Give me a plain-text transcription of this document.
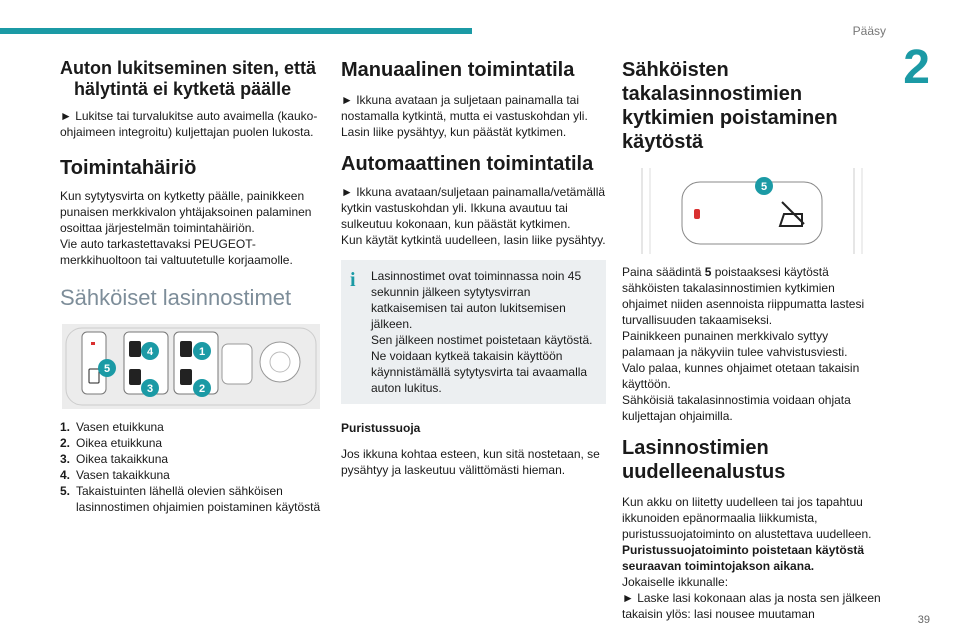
Pääsy
2
39
Auton lukitseminen siten, että hälytintä ei kytketä päälle

► Lukitse tai turvalukitse auto avaimella (kauko-ohjaimeen integroitu) kuljettajan puolen lukosta.

Toimintahäiriö

Kun sytytysvirta on kytketty päälle, painikkeen punaisen merkkivalon yhtäjaksoinen palaminen osoittaa järjestelmän toimintahäiriön.

Vie auto tarkastettavaksi PEUGEOT-merkkihuoltoon tai valtuutetulle korjaamolle.

Sähköiset lasinnostimet
5
4
3
1
2
1. Vasen etuikkuna
2. Oikea etuikkuna
3. Oikea takaikkuna
4. Vasen takaikkuna
5. Takaistuinten lähellä olevien sähköisen lasinnostimen ohjaimien poistaminen käytöstä
Manuaalinen toimintatila

► Ikkuna avataan ja suljetaan painamalla tai nostamalla kytkintä, mutta ei vastuskohdan yli. Lasin liike pysähtyy, kun päästät kytkimen.

Automaattinen toimintatila

► Ikkuna avataan/suljetaan painamalla/vetämällä kytkin vastuskohdan yli. Ikkuna avautuu tai sulkeutuu kokonaan, kun päästät kytkimen.

Kun käytät kytkintä uudelleen, lasin liike pysähtyy.

i	Lasinnostimet ovat toiminnassa noin 45 sekunnin jälkeen sytytysvirran katkaisemisen tai auton lukitsemisen jälkeen.

Sen jälkeen nostimet poistetaan käytöstä.

Ne voidaan kytkeä takaisin käyttöön käynnistämällä sytytysvirta tai avaamalla auton lukitus.

Puristussuoja

Jos ikkuna kohtaa esteen, kun sitä nostetaan, se pysähtyy ja laskeutuu välittömästi hieman.

Sähköisten takalasinnostimien kytkimien poistaminen käytöstä
5

Paina säädintä 5 poistaaksesi käytöstä sähköisten takalasinnostimien kytkimien ohjaimet niiden asennoista riippumatta lastesi turvallisuuden takaamiseksi.

Painikkeen punainen merkkivalo syttyy palamaan ja näkyviin tulee vahvistusviesti.

Valo palaa, kunnes ohjaimet otetaan takaisin käyttöön.

Sähköisiä takalasinnostimia voidaan ohjata kuljettajan ohjaimilla.

Lasinnostimien uudelleenalustus

Kun akku on liitetty uudelleen tai jos tapahtuu ikkunoiden epänormaalia liikkumista, puristussuojatoiminto on alustettava uudelleen.

Puristussuojatoiminto poistetaan käytöstä seuraavan toimintojakson aikana.

Jokaiselle ikkunalle:

► Laske lasi kokonaan alas ja nosta sen jälkeen takaisin ylös: lasi nousee muutaman
